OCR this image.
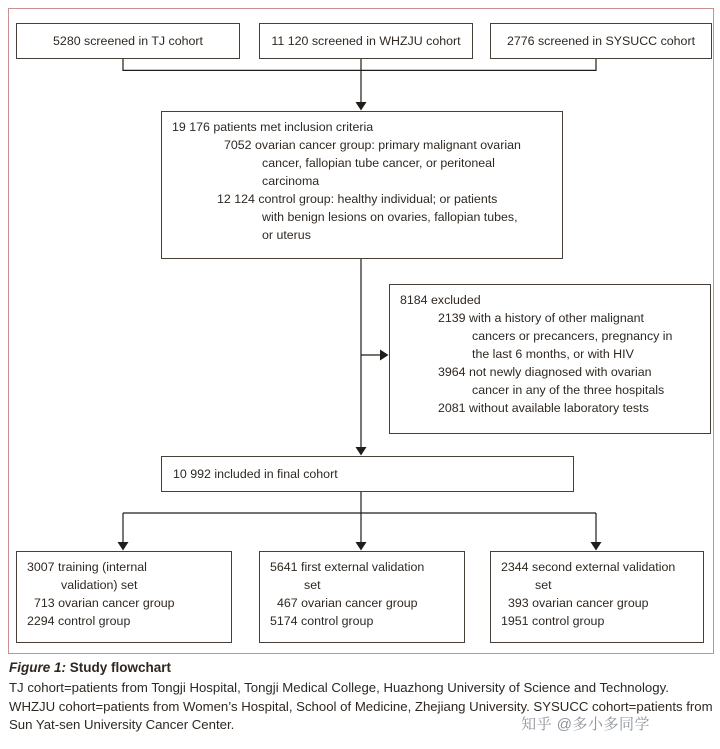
5280 screened in TJ cohort	11 120 screened in WHZJU cohort	2776 screened in SYSUCC cohort
19 176 patients met inclusion criteria
7052 ovarian cancer group: primary malignant ovarian
cancer, fallopian tube cancer, or peritoneal
carcinoma
12 124 control group: healthy individual; or patients
with benign lesions on ovaries, fallopian tubes,
or uterus
8184 excluded
2139 with a history of other malignant
cancers or precancers, pregnancy in
the last 6 months, or with HIV
3964 not newly diagnosed with ovarian
cancer in any of the three hospitals
2081 without available laboratory tests
10 992 included in final cohort
3007 training (internal
validation) set
713 ovarian cancer group
2294 control group
5641 first external validation
set
467 ovarian cancer group
5174 control group
2344 second external validation
set
393 ovarian cancer group
1951 control group
Figure 1: Study flowchart
TJ cohort=patients from Tongji Hospital, Tongji Medical College, Huazhong University of Science and Technology. WHZJU cohort=patients from Women’s Hospital, School of Medicine, Zhejiang University. SYSUCC cohort=patients from Sun Yat-sen University Cancer Center.	知乎 @多小多同学
